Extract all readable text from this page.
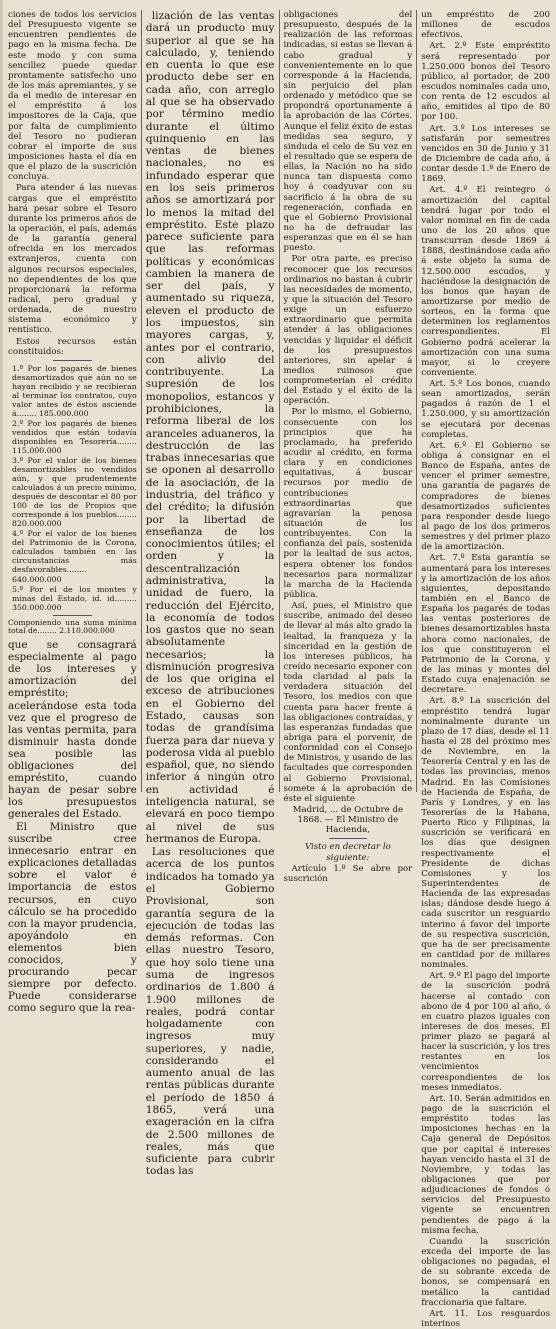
ciones de todos los servicios del Presupuesto vigente se encuentren pendientes de pago en la misma fecha. De este modo y con suma sencillez puede quedar prontamente satisfecho uno de los más apremiantes, y se da el medio de interesar en el empréstito á los impositores de la Caja, que por falta de cumplimiento del Tesoro no pudieran cobrar el importe de sus imposiciones hasta el día en que el plazo de la suscrición concluya.

Para atender á las nuevas cargas que el empréstito hará pesar sobre el Tesoro durante los primeros años de la operación, el país, además de la garantía general ofrecida en los mercados extranjeros, cuenta con algunos recursos especiales, no dependientes de los que proporcionará la reforma radical, pero gradual y ordenada, de nuestro sistema económico y rentístico.

Estos recursos están constituidos:

1.º Por los pagarés de bienes desamortizados que aún no se hayan recibido y se recibieran al terminar los contratos, cuyo valor antes de éstos asciende á........ 185.000.000

2.º Por los pagarés de bienes vendidos que están todavía disponibles en Tesorería........ 115.000.000

3.º Por el valor de los bienes desamortizables no vendidos aún, y que prudentemente calculados á un precio mínimo, después de descontar el 80 por 100 de los de Propios que corresponde á los pueblos........ 820.000.000

4.º Por el valor de los bienes del Patrimonio de la Corona, calculados también en las circunstancias más desfavorables........ 640.000.000

5.º Por el de los montes y minas del Estado, id. id......... 350.000.000

Componiendo una suma mínima total de........ 2.110.000.000

que se consagrará especialmente al pago de los intereses y amortización del empréstito; acelerándose esta toda vez que el progreso de las ventas permita, para disminuir hasta donde sea posible las obligaciones del empréstito, cuando hayan de pesar sobre los presupuestos generales del Estado.

El Ministro que suscribe cree innecesario entrar en explicaciones detalladas sobre el valor é importancia de estos recursos, en cuyo cálculo se ha procedido con la mayor prudencia, apoyándolo en elementos bien conocidos, y procurando pecar siempre por defecto. Puede considerarse como seguro que la rea-

lización de las ventas dará un producto muy superior al que se ha calculado, y, teniendo en cuenta lo que ese producto debe ser en cada año, con arreglo al que se ha observado por término medio durante el último quinquenio en las ventas de bienes nacionales, no es infundado esperar que en los seis primeros años se amortizará por lo menos la mitad del empréstito. Este plazo parece suficiente para que las reformas políticas y económicas cambien la manera de ser del país, y aumentado su riqueza, eleven el producto de los impuestos, sin mayores cargas, y, antes por el contrario, con alivio del contribuyente. La supresión de los monopolios, estancos y prohibiciones, la reforma liberal de los aranceles aduaneros, la destrucción de las trabas innecesarias que se oponen al desarrollo de la asociación, de la industria, del tráfico y del crédito; la difusión por la libertad de enseñanza de los conocimientos útiles; el orden y la descentralización administrativa, la unidad de fuero, la reducción del Ejército, la economía de todos los gastos que no sean absolutamente necesarios; la disminución progresiva de los que origina el exceso de atribuciones en el Gobierno del Estado, causas son todas de grandísima fuerza para dar nueva y poderosa vida al pueblo español, que, no siendo inferior á ningún otro en actividad é inteligencia natural, se elevará en poco tiempo al nivel de sus hermanos de Europa.

Las resoluciones que acerca de los puntos indicados ha tomado ya el Gobierno Provisional, son garantía segura de la ejecución de todas las demás reformas. Con ellas nuestro Tesoro, que hoy solo tiene una suma de ingresos ordinarios de 1.800 á 1.900 millones de reales, podrá contar holgadamente con ingresos muy superiores, y nadie, considerando el aumento anual de las rentas públicas durante el período de 1850 á 1865, verá una exageración en la cifra de 2.500 millones de reales, más que suficiente para cubrir todas las

obligaciones del presupuesto, después de la realización de las reformas indicadas, si estas se llevan á cabo gradual y convenientemente en lo que corresponde á la Hacienda, sin perjuicio del plan ordenado y metódico que se propondrá oportunamente á la aprobación de las Córtes. Aunque el feliz éxito de estas medidas sea seguro, y sinduda el celo de Su vez en el resultado que se espera de ellas, la Nación no ha sido nunca tan dispuesta como hoy á coadyuvar con su sacrificio á la obra de su regeneración, confiada en que el Gobierno Provisional no ha de defraudar las esperanzas que en él se han puesto.

Por otra parte, es preciso reconocer que los recursos ordinarios no bastan á cubrir las necesidades de momento, y que la situación del Tesoro exige un esfuerzo extraordinario que permita atender á las obligaciones vencidas y liquidar el déficit de los presupuestos anteriores, sin apelar á medios ruinosos que comprometerían el crédito del Estado y el éxito de la operación.

Por lo mismo, el Gobierno, consecuente con los principios que ha proclamado, ha preferido acudir al crédito, en forma clara y en condiciones equitativas, á buscar recursos por medio de contribuciones extraordinarias que agravarían la penosa situación de los contribuyentes. Con la confianza del país, sostenida por la lealtad de sus actos, espera obtener los fondos necesarios para normalizar la marcha de la Hacienda pública.

Así, pues, el Ministro que suscribe, animado del deseo de llevar al más alto grado la lealtad, la franqueza y la sinceridad en la gestión de los intereses públicos, ha creído necesario exponer con toda claridad al país la verdadera situación del Tesoro, los medios con que cuenta para hacer frente á las obligaciones contraídas, y las esperanzas fundadas que abriga para el porvenir, de conformidad con el Consejo de Ministros, y usando de las facultades que corresponden al Gobierno Provisional, somete á la aprobación de éste el siguiente

Madrid, ... de Octubre de 1868. — El Ministro de Hacienda,

Visto en decretar lo siguiente:

Artículo 1.º Se abre por suscrición

un empréstito de 200 millones de escudos efectivos.

Art. 2.º Este empréstito será representado por 1.250.000 bonos del Tesoro público, al portador, de 200 escudos nominales cada uno, con renta de 12 escudos al año, emitidos al tipo de 80 por 100.

Art. 3.º Los intereses se satisfarán por semestres vencidos en 30 de Junio y 31 de Diciembre de cada año, á contar desde 1.º de Enero de 1869.

Art. 4.º El reintegro ó amortización del capital tendrá lugar por todo el valor nominal en fin de cada uno de los 20 años que transcurran desde 1869 á 1888, destinándose cada año á este objeto la suma de 12.500.000 escudos, y haciéndose la designación de los bonos que hayan de amortizarse por medio de sorteos, en la forma que determinen los reglamentos correspondientes. El Gobierno podrá acelerar la amortización con una suma mayor, si lo creyere conveniente.

Art. 5.º Los bonos, cuando sean amortizados, serán pagados á razón de 1 el 1.250.000, y su amortización se ejecutará por decenas completas.

Art. 6.º El Gobierno se obliga á consignar en el Banco de España, antes de vencer el primer semestre, una garantía de pagarés de compradores de bienes desamortizados suficientes para responder desde luego al pago de los dos primeros semestres y del primer plazo de la amortización.

Art. 7.º Esta garantía se aumentará para los intereses y la amortización de los años siguientes, depositando también en el Banco de España los pagarés de todas las ventas posteriores de bienes desamortizables hasta ahora como nacionales, de los que constituyeron el Patrimonio de la Corona, y de las minas y montes del Estado cuya enajenación se decretare.

Art. 8.º La suscrición del empréstito tendrá lugar nominalmente durante un plazo de 17 días, desde el 11 hasta el 28 del próximo mes de Noviembre, en la Tesorería Central y en las de todas las provincias, menos Madrid. En las Comisiones de Hacienda de España, de París y Londres, y en las Tesorerías de la Habana, Puerto Rico y Filipinas, la suscrición se verificará en los días que designen respectivamente el Presidente de dichas Comisiones y los Superintendentes de Hacienda de las expresadas islas; dándose desde luego á cada suscritor un resguardo interino á favor del importe de su respectiva suscrición, que ha de ser precisamente en cantidad por de millares nominales.

Art. 9.º El pago del importe de la suscrición podrá hacerse al contado con abono de 4 por 100 al año, ó en cuatro plazos iguales con intereses de dos meses. El primer plazo se pagará al hacer la suscrición, y los tres restantes en los vencimientos correspondientes de los meses inmediatos.

Art. 10. Serán admitidos en pago de la suscrición el empréstito todas las imposiciones hechas en la Caja general de Depósitos que por capital é intereses hayan vencido hasta el 31 de Noviembre, y todas las obligaciones que por adjudicaciones de fondos ó servicios del Presupuesto vigente se encuentren pendientes de pago á la misma fecha.

Cuando la suscrición exceda del importe de las obligaciones no pagadas, el de su sobrante exceda de bonos, se compensará en metálico la cantidad fraccionaria que faltare.

Art. 11. Los resguardos interinos
